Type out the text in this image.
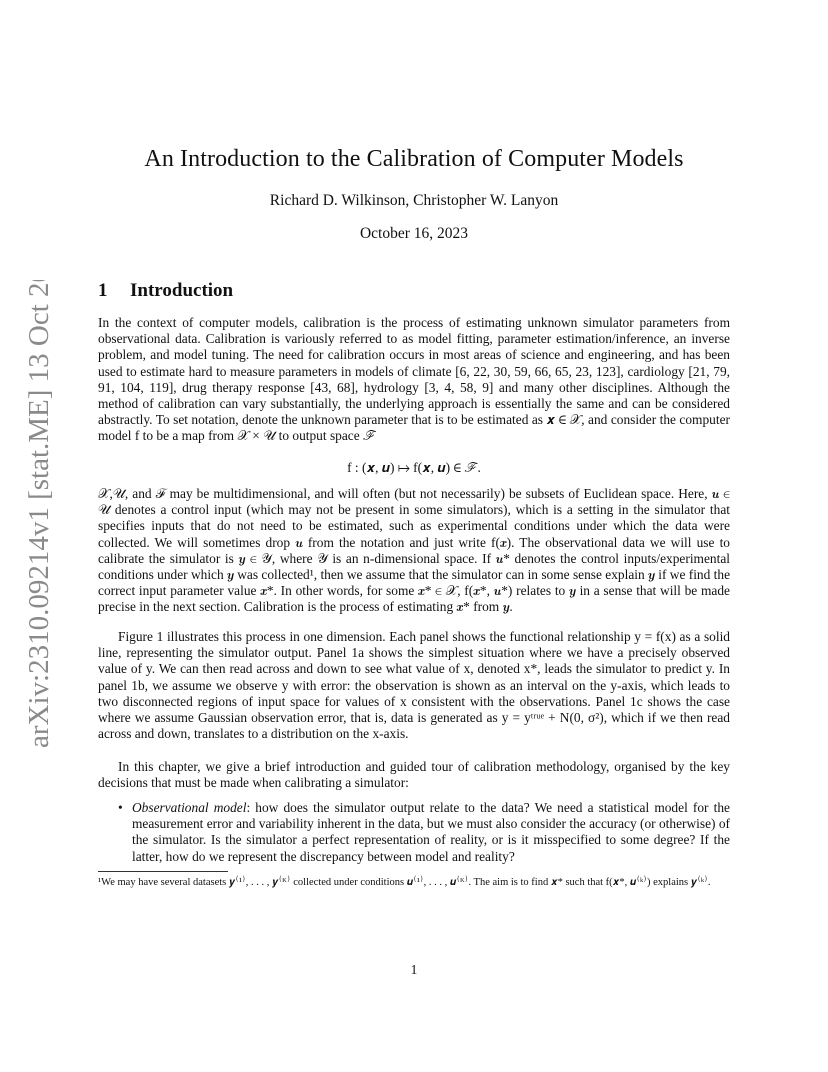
arXiv:2310.09214v1 [stat.ME] 13 Oct 2023
An Introduction to the Calibration of Computer Models
Richard D. Wilkinson, Christopher W. Lanyon
October 16, 2023
1 Introduction

In the context of computer models, calibration is the process of estimating unknown simulator parameters from observational data. Calibration is variously referred to as model fitting, parameter estimation/inference, an inverse problem, and model tuning. The need for calibration occurs in most areas of science and engineering, and has been used to estimate hard to measure parameters in models of climate [6, 22, 30, 59, 66, 65, 23, 123], cardiology [21, 79, 91, 104, 119], drug therapy response [43, 68], hydrology [3, 4, 58, 9] and many other disciplines. Although the method of calibration can vary substantially, the underlying approach is essentially the same and can be considered abstractly. To set notation, denote the unknown parameter that is to be estimated as 𝒙 ∈ 𝒳, and consider the computer model f to be a map from 𝒳 × 𝒰 to output space ℱ

f : (𝒙, 𝒖) ↦ f(𝒙, 𝒖) ∈ ℱ.

𝒳,𝒰, and ℱ may be multidimensional, and will often (but not necessarily) be subsets of Euclidean space. Here, 𝒖 ∈ 𝒰 denotes a control input (which may not be present in some simulators), which is a setting in the simulator that specifies inputs that do not need to be estimated, such as experimental conditions under which the data were collected. We will sometimes drop 𝒖 from the notation and just write f(𝒙). The observational data we will use to calibrate the simulator is 𝒚 ∈ 𝒴, where 𝒴 is an n-dimensional space. If 𝒖* denotes the control inputs/experimental conditions under which 𝒚 was collected¹, then we assume that the simulator can in some sense explain 𝒚 if we find the correct input parameter value 𝒙*. In other words, for some 𝒙* ∈ 𝒳, f(𝒙*, 𝒖*) relates to 𝒚 in a sense that will be made precise in the next section. Calibration is the process of estimating 𝒙* from 𝒚.

Figure 1 illustrates this process in one dimension. Each panel shows the functional relationship y = f(x) as a solid line, representing the simulator output. Panel 1a shows the simplest situation where we have a precisely observed value of y. We can then read across and down to see what value of x, denoted x*, leads the simulator to predict y. In panel 1b, we assume we observe y with error: the observation is shown as an interval on the y-axis, which leads to two disconnected regions of input space for values of x consistent with the observations. Panel 1c shows the case where we assume Gaussian observation error, that is, data is generated as y = yᵗʳᵘᵉ + N(0, σ²), which if we then read across and down, translates to a distribution on the x-axis.

In this chapter, we give a brief introduction and guided tour of calibration methodology, organised by the key decisions that must be made when calibrating a simulator:

• Observational model: how does the simulator output relate to the data? We need a statistical model for the measurement error and variability inherent in the data, but we must also consider the accuracy (or otherwise) of the simulator. Is the simulator a perfect representation of reality, or is it misspecified to some degree? If the latter, how do we represent the discrepancy between model and reality?
¹We may have several datasets 𝒚⁽¹⁾, . . . , 𝒚⁽ᴷ⁾ collected under conditions 𝒖⁽¹⁾, . . . , 𝒖⁽ᴷ⁾. The aim is to find 𝒙* such that f(𝒙*, 𝒖⁽ᵏ⁾) explains 𝒚⁽ᵏ⁾.
1
